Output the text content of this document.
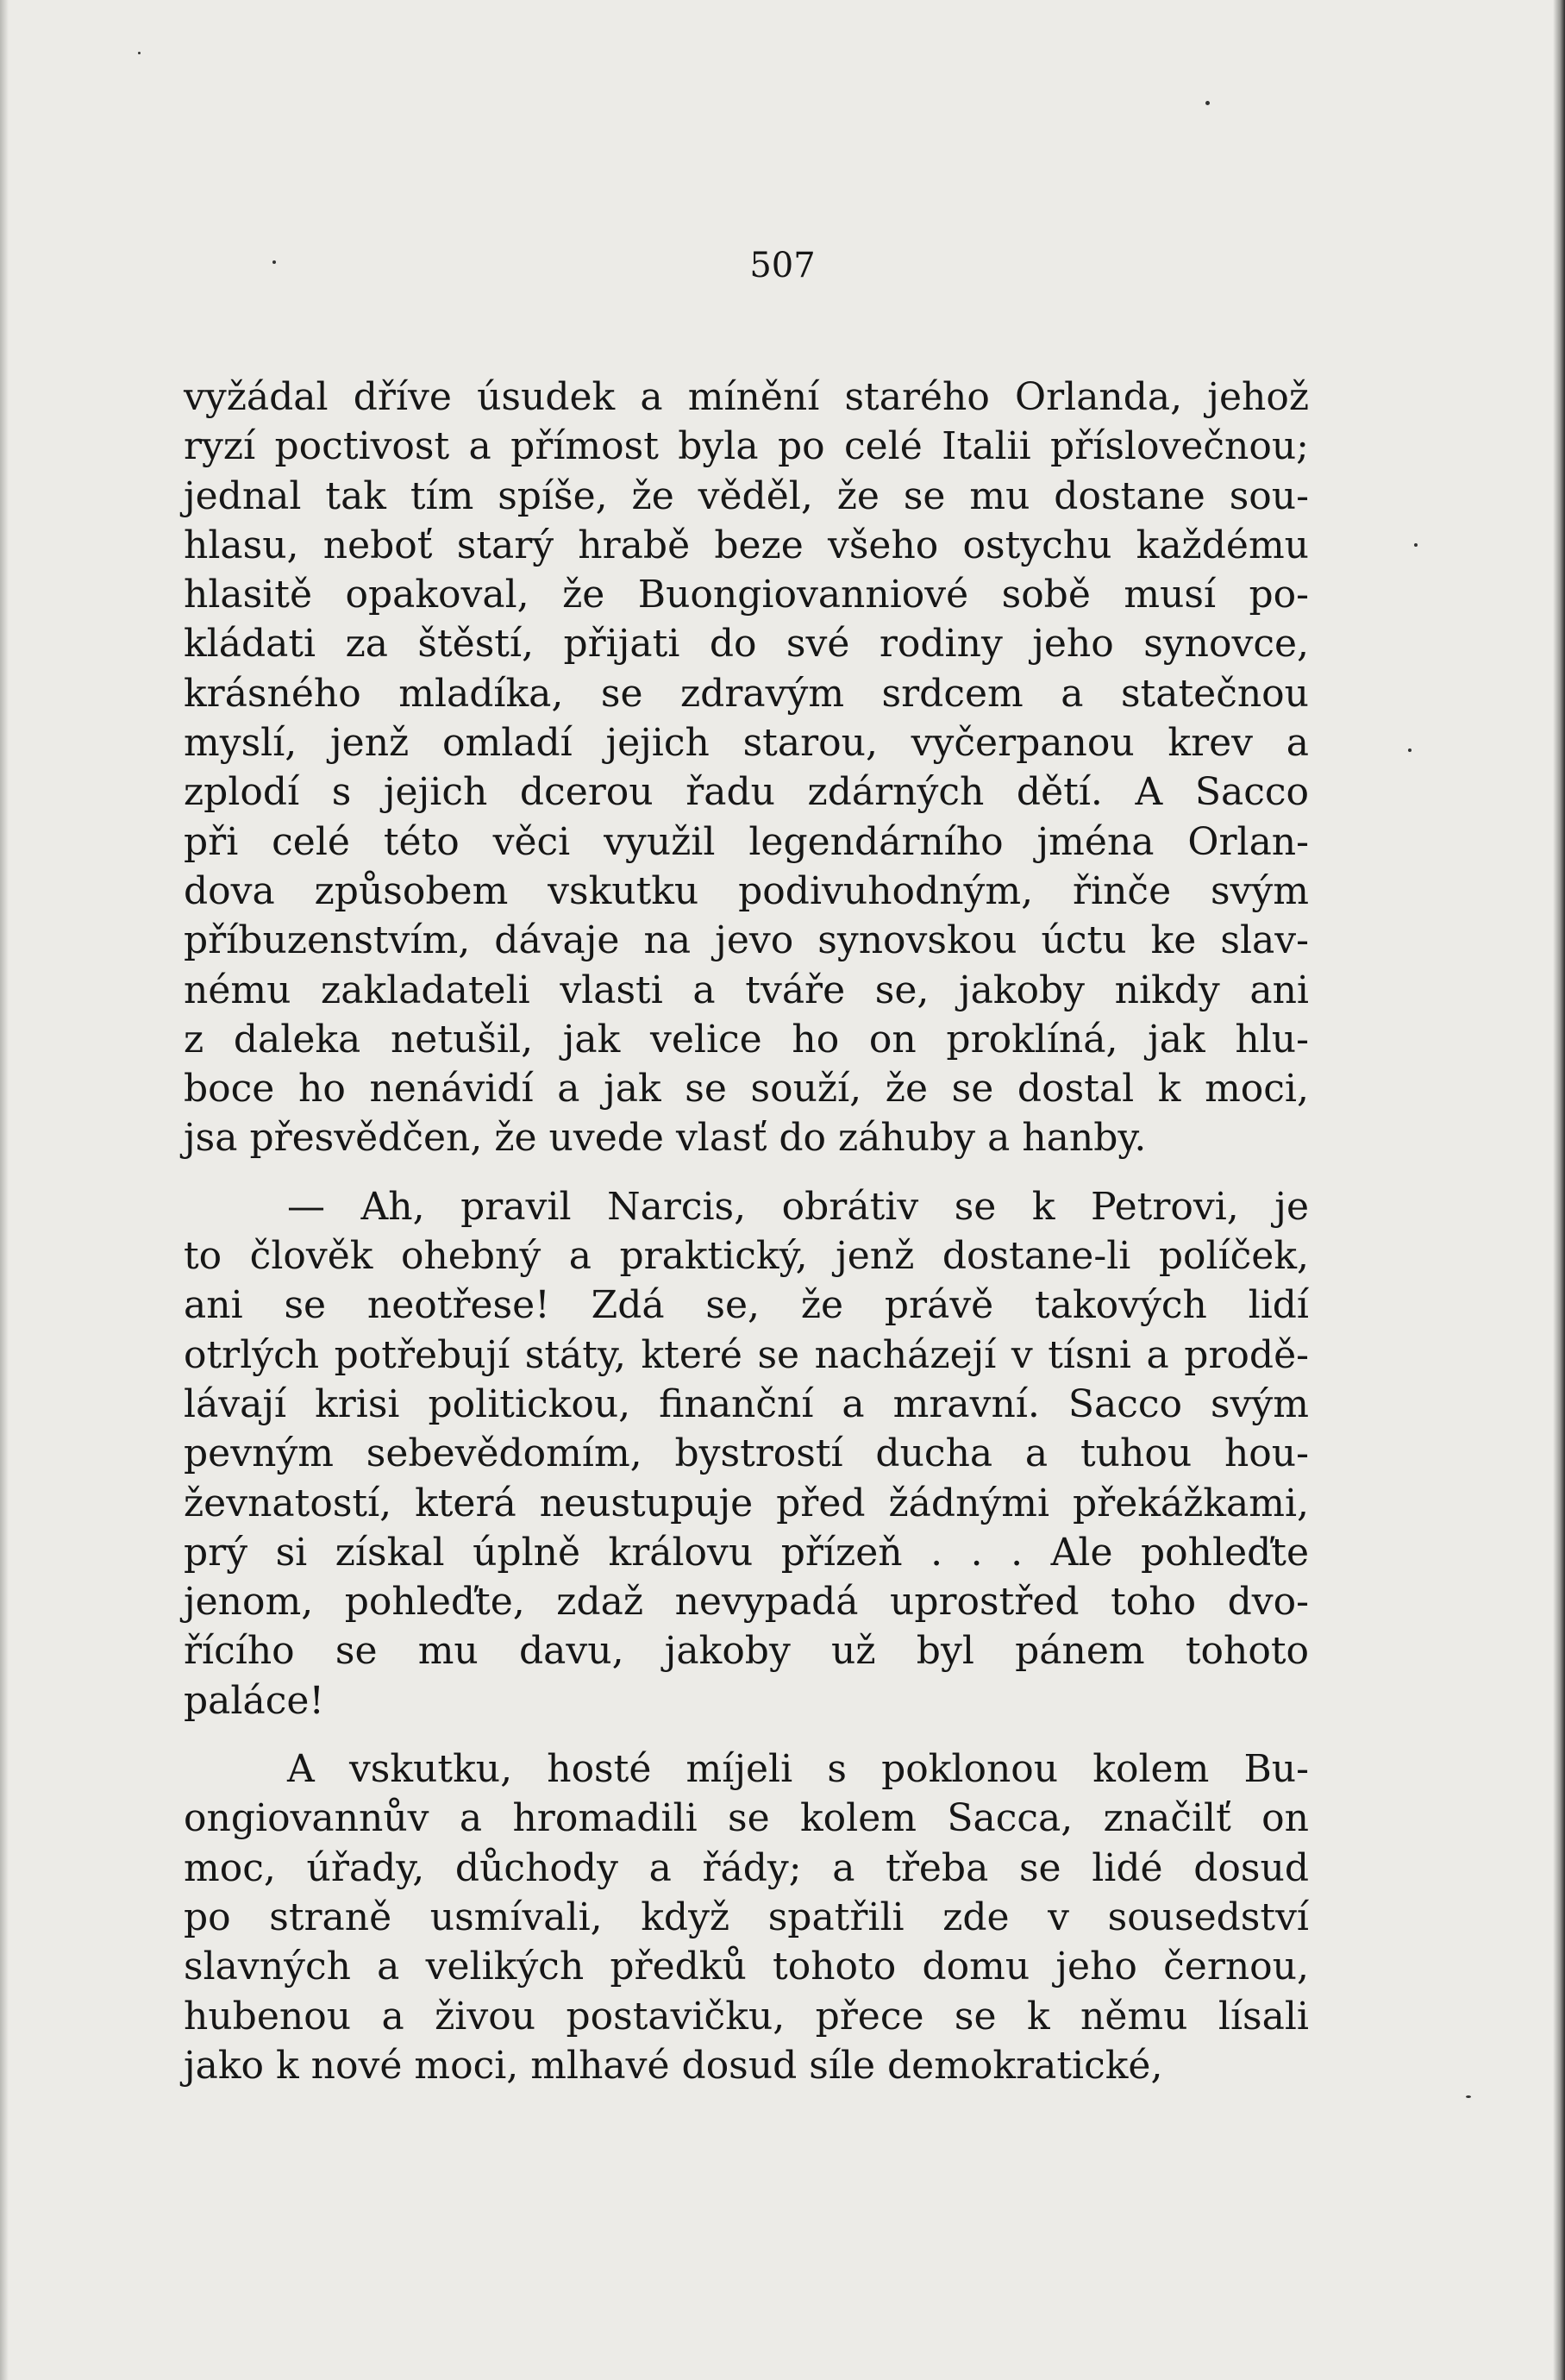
507
vyžádal dříve úsudek a mínění starého Orlanda, jehož
ryzí poctivost a přímost byla po celé Italii příslovečnou;
jednal tak tím spíše, že věděl, že se mu dostane sou-
hlasu, neboť starý hrabě beze všeho ostychu každému
hlasitě opakoval, že Buongiovanniové sobě musí po-
kládati za štěstí, přijati do své rodiny jeho synovce,
krásného mladíka, se zdravým srdcem a statečnou
myslí, jenž omladí jejich starou, vyčerpanou krev a
zplodí s jejich dcerou řadu zdárných dětí. A Sacco
při celé této věci využil legendárního jména Orlan-
dova způsobem vskutku podivuhodným, řinče svým
příbuzenstvím, dávaje na jevo synovskou úctu ke slav-
nému zakladateli vlasti a tváře se, jakoby nikdy ani
z daleka netušil, jak velice ho on proklíná, jak hlu-
boce ho nenávidí a jak se souží, že se dostal k moci,
jsa přesvědčen, že uvede vlasť do záhuby a hanby.
— Ah, pravil Narcis, obrátiv se k Petrovi, je
to člověk ohebný a praktický, jenž dostane-li políček,
ani se neotřese! Zdá se, že právě takových lidí
otrlých potřebují státy, které se nacházejí v tísni a prodě-
lávají krisi politickou, finanční a mravní. Sacco svým
pevným sebevědomím, bystrostí ducha a tuhou hou-
ževnatostí, která neustupuje před žádnými překážkami,
prý si získal úplně královu přízeň . . . Ale pohleďte
jenom, pohleďte, zdaž nevypadá uprostřed toho dvo-
řícího se mu davu, jakoby už byl pánem tohoto
paláce!
A vskutku, hosté míjeli s poklonou kolem Bu-
ongiovannův a hromadili se kolem Sacca, značilť on
moc, úřady, důchody a řády; a třeba se lidé dosud
po straně usmívali, když spatřili zde v sousedství
slavných a velikých předků tohoto domu jeho černou,
hubenou a živou postavičku, přece se k němu lísali
jako k nové moci, mlhavé dosud síle demokratické,
